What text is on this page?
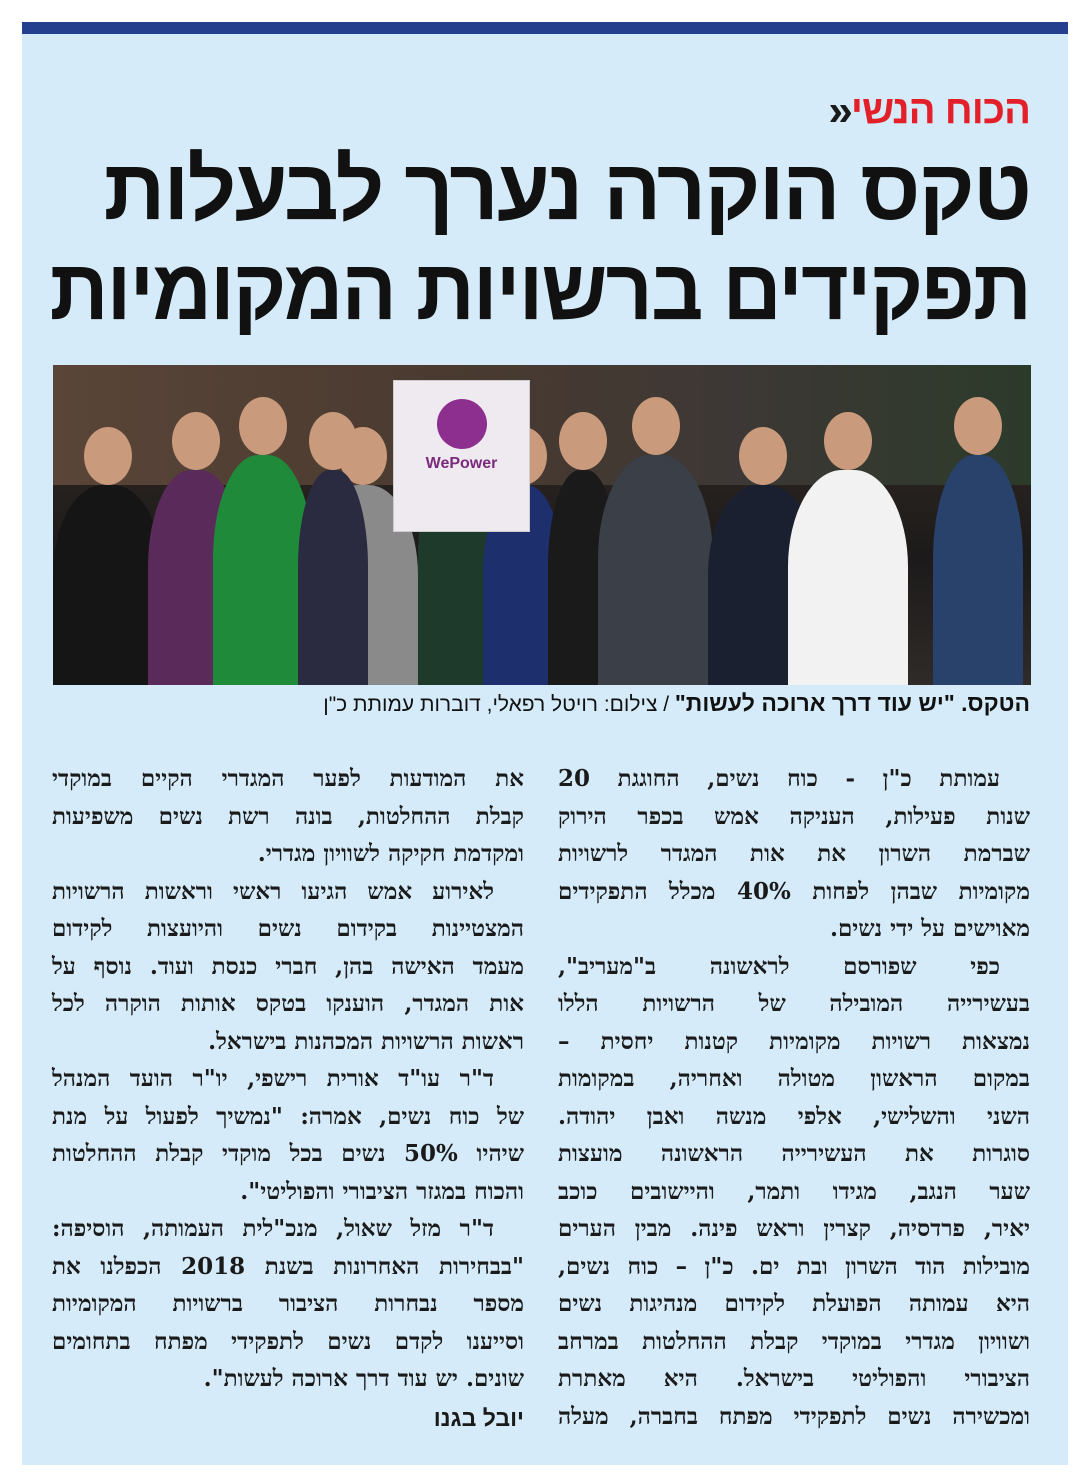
הכוח הנשי
«
טקס הוקרה נערך לבעלות
תפקידים ברשויות המקומיות
WePower
הטקס. "יש עוד דרך ארוכה לעשות" / צילום: רויטל רפאלי, דוברות עמותת כ"ן
עמותת כ"ן - כוח נשים, החוגגת 20
שנות פעילות, העניקה אמש בכפר הירוק
שברמת השרון את אות המגדר לרשויות
מקומיות שבהן לפחות 40% מכלל התפקידים
מאוישים על ידי נשים.
כפי שפורסם לראשונה ב"מעריב",
בעשירייה המובילה של הרשויות הללו
נמצאות רשויות מקומיות קטנות יחסית –
במקום הראשון מטולה ואחריה, במקומות
השני והשלישי, אלפי מנשה ואבן יהודה.
סוגרות את העשירייה הראשונה מועצות
שער הנגב, מגידו ותמר, והיישובים כוכב
יאיר, פרדסיה, קצרין וראש פינה. מבין הערים
מובילות הוד השרון ובת ים. כ"ן – כוח נשים,
היא עמותה הפועלת לקידום מנהיגות נשים
ושוויון מגדרי במוקדי קבלת ההחלטות במרחב
הציבורי והפוליטי בישראל. היא מאתרת
ומכשירה נשים לתפקידי מפתח בחברה, מעלה
את המודעות לפער המגדרי הקיים במוקדי
קבלת ההחלטות, בונה רשת נשים משפיעות
ומקדמת חקיקה לשוויון מגדרי.
לאירוע אמש הגיעו ראשי וראשות הרשויות
המצטיינות בקידום נשים והיועצות לקידום
מעמד האישה בהן, חברי כנסת ועוד. נוסף על
אות המגדר, הוענקו בטקס אותות הוקרה לכל
ראשות הרשויות המכהנות בישראל.
ד"ר עו"ד אורית רישפי, יו"ר הועד המנהל
של כוח נשים, אמרה: "נמשיך לפעול על מנת
שיהיו 50% נשים בכל מוקדי קבלת ההחלטות
והכוח במגזר הציבורי והפוליטי".
ד"ר מזל שאול, מנכ"לית העמותה, הוסיפה:
"בבחירות האחרונות בשנת 2018 הכפלנו את
מספר נבחרות הציבור ברשויות המקומיות
וסייענו לקדם נשים לתפקידי מפתח בתחומים
שונים. יש עוד דרך ארוכה לעשות".
יובל בגנו
